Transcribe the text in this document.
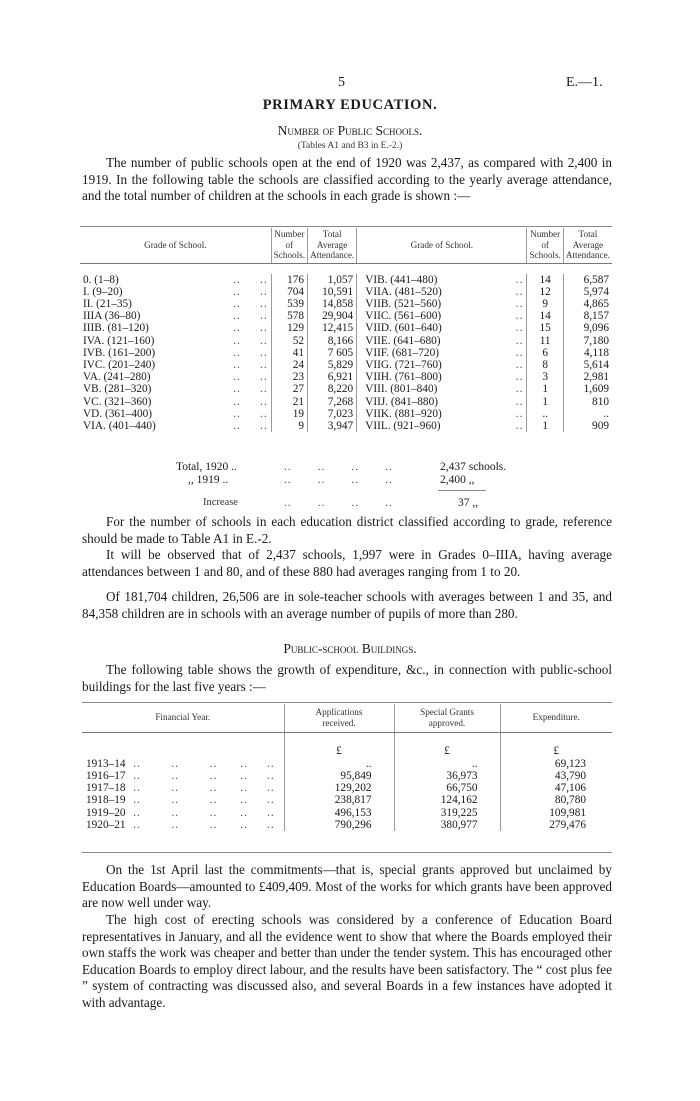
5	E.—1.
PRIMARY EDUCATION.
Number of Public Schools.
(Tables A1 and B3 in E.-2.)

The number of public schools open at the end of 1920 was 2,437, as compared with 2,400 in 1919. In the following table the schools are classified according to the yearly average attendance, and the total number of children at the schools in each grade is shown :—

Grade of School.		Number
of
Schools.	Total
Average
Attendance.	Grade of School.		Number
of
Schools.	Total
Average
Attendance.

0. (1–8)	..     ..	176	1,057	VIB. (441–480)	..	14	6,587
I. (9–20)	..     ..	704	10,591	VIIA. (481–520)	..	12	5,974
II. (21–35)	..     ..	539	14,858	VIIB. (521–560)	..	9	4,865
IIIA (36–80)	..     ..	578	29,904	VIIC. (561–600)	..	14	8,157
IIIB. (81–120)	..     ..	129	12,415	VIID. (601–640)	..	15	9,096
IVA. (121–160)	..     ..	52	8,166	VIIE. (641–680)	..	11	7,180
IVB. (161–200)	..     ..	41	7 605	VIIF. (681–720)	..	6	4,118
IVC. (201–240)	..     ..	24	5,829	VIIG. (721–760)	..	8	5,614
VA. (241–280)	..     ..	23	6,921	VIIH. (761–800)	..	3	2,981
VB. (281–320)	..     ..	27	8,220	VIII. (801–840)	..	1	1,609
VC. (321–360)	..     ..	21	7,268	VIIJ. (841–880)	..	1	810
VD. (361–400)	..     ..	19	7,023	VIIK. (881–920)	..	..	..
VIA. (401–440)	..     ..	9	3,947	VIIL. (921–960)	..	1	909
Total, 1920 ..	..       ..       ..       ..	2,437 schools.
,, 1919 ..	..       ..       ..       ..	2,400 ,,
Increase	..       ..       ..       ..	37 ,,

For the number of schools in each education district classified according to grade, reference should be made to Table A1 in E.-2.

It will be observed that of 2,437 schools, 1,997 were in Grades 0–IIIA, having average attendances between 1 and 80, and of these 880 had averages ranging from 1 to 20.

Of 181,704 children, 26,506 are in sole-teacher schools with averages between 1 and 35, and 84,358 children are in schools with an average number of pupils of more than 280.

Public-school Buildings.

The following table shows the growth of expenditure, &c., in connection with public-school buildings for the last five years :—

Financial Year.	Applications
received.	Special Grants
approved.	Expenditure.

	£	£	£
1913–14  ..        ..        ..      ..     ..	..	..	69,123
1916–17  ..        ..        ..      ..     ..	95,849	36,973	43,790
1917–18  ..        ..        ..      ..     ..	129,202	66,750	47,106
1918–19  ..        ..        ..      ..     ..	238,817	124,162	80,780
1919–20  ..        ..        ..      ..     ..	496,153	319,225	109,981
1920–21  ..        ..        ..      ..     ..	790,296	380,977	279,476

On the 1st April last the commitments—that is, special grants approved but unclaimed by Education Boards—amounted to £409,409. Most of the works for which grants have been approved are now well under way.

The high cost of erecting schools was considered by a conference of Education Board representatives in January, and all the evidence went to show that where the Boards employed their own staffs the work was cheaper and better than under the tender system. This has encouraged other Education Boards to employ direct labour, and the results have been satisfactory. The “ cost plus fee ” system of contracting was discussed also, and several Boards in a few instances have adopted it with advantage.
